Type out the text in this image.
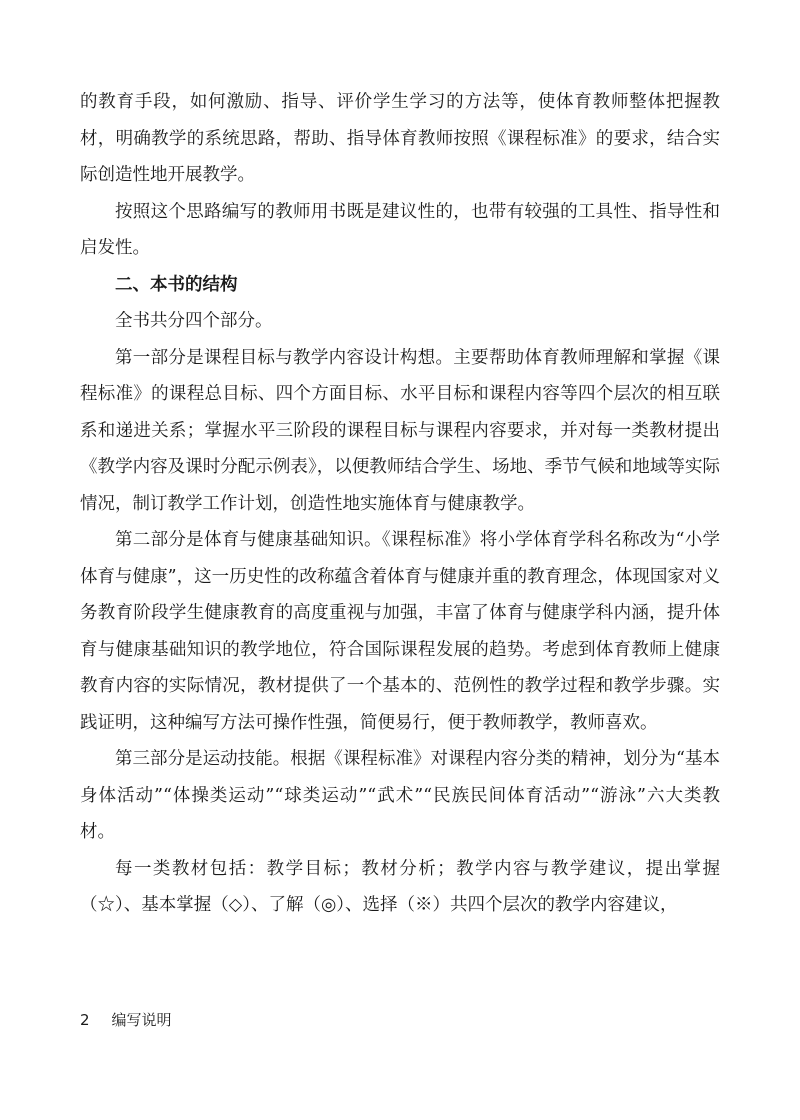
的教育手段，如何激励、指导、评价学生学习的方法等，使体育教师整体把握教材，明确教学的系统思路，帮助、指导体育教师按照《课程标准》的要求，结合实际创造性地开展教学。

按照这个思路编写的教师用书既是建议性的，也带有较强的工具性、指导性和启发性。

二、本书的结构

全书共分四个部分。

第一部分是课程目标与教学内容设计构想。主要帮助体育教师理解和掌握《课程标准》的课程总目标、四个方面目标、水平目标和课程内容等四个层次的相互联系和递进关系；掌握水平三阶段的课程目标与课程内容要求，并对每一类教材提出《教学内容及课时分配示例表》，以便教师结合学生、场地、季节气候和地域等实际情况，制订教学工作计划，创造性地实施体育与健康教学。

第二部分是体育与健康基础知识。《课程标准》将小学体育学科名称改为“小学体育与健康”，这一历史性的改称蕴含着体育与健康并重的教育理念，体现国家对义务教育阶段学生健康教育的高度重视与加强，丰富了体育与健康学科内涵，提升体育与健康基础知识的教学地位，符合国际课程发展的趋势。考虑到体育教师上健康教育内容的实际情况，教材提供了一个基本的、范例性的教学过程和教学步骤。实践证明，这种编写方法可操作性强，简便易行，便于教师教学，教师喜欢。

第三部分是运动技能。根据《课程标准》对课程内容分类的精神，划分为“基本身体活动”“体操类运动”“球类运动”“武术”“民族民间体育活动”“游泳”六大类教材。

每一类教材包括：教学目标；教材分析；教学内容与教学建议，提出掌握（☆）、基本掌握（◇）、了解（◎）、选择（※）共四个层次的教学内容建议，

2 编写说明
